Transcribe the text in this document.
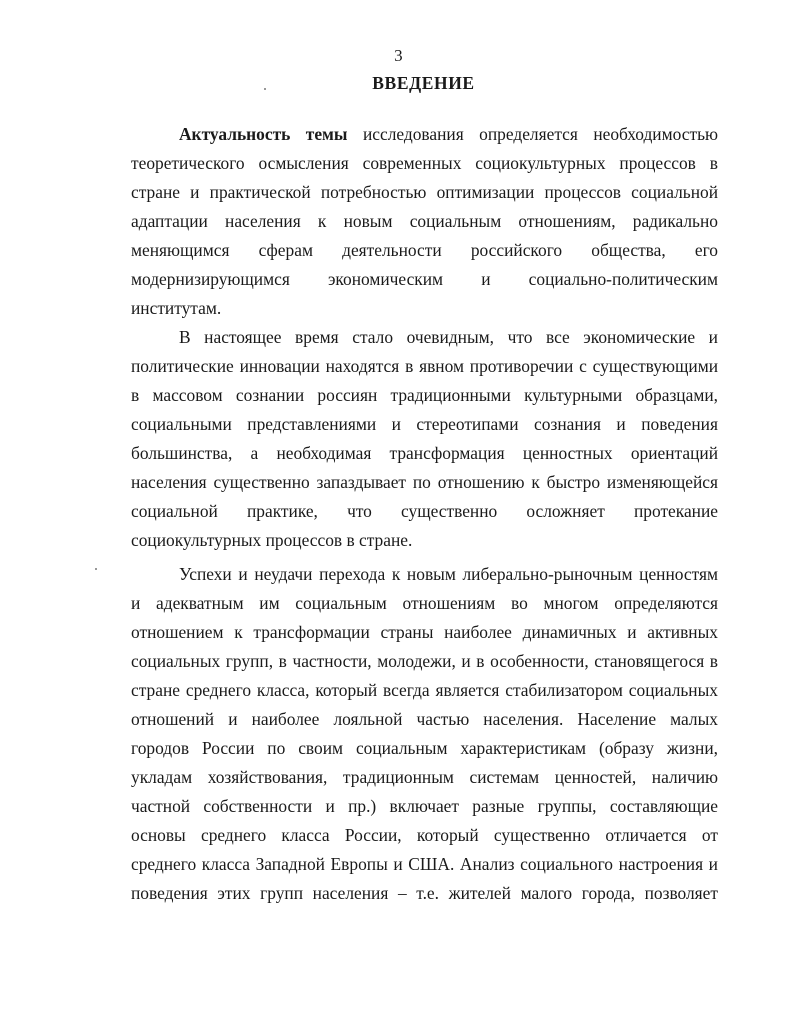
3
ВВЕДЕНИЕ
Актуальность темы исследования определяется необходимостью
теоретического осмысления современных социокультурных процессов в
стране и практической потребностью оптимизации процессов социальной
адаптации населения к новым социальным отношениям, радикально
меняющимся сферам деятельности российского общества, его
модернизирующимся экономическим и социально-политическим
институтам.
В настоящее время стало очевидным, что все экономические и
политические инновации находятся в явном противоречии с существующими
в массовом сознании россиян традиционными культурными образцами,
социальными представлениями и стереотипами сознания и поведения
большинства, а необходимая трансформация ценностных ориентаций
населения существенно запаздывает по отношению к быстро изменяющейся
социальной практике, что существенно осложняет протекание
социокультурных процессов в стране.
Успехи и неудачи перехода к новым либерально-рыночным ценностям
и адекватным им социальным отношениям во многом определяются
отношением к трансформации страны наиболее динамичных и активных
социальных групп, в частности, молодежи, и в особенности, становящегося в
стране среднего класса, который всегда является стабилизатором социальных
отношений и наиболее лояльной частью населения. Население малых
городов России по своим социальным характеристикам (образу жизни,
укладам хозяйствования, традиционным системам ценностей, наличию
частной собственности и пр.) включает разные группы, составляющие
основы среднего класса России, который существенно отличается от
среднего класса Западной Европы и США. Анализ социального настроения и
поведения этих групп населения – т.е. жителей малого города, позволяет
